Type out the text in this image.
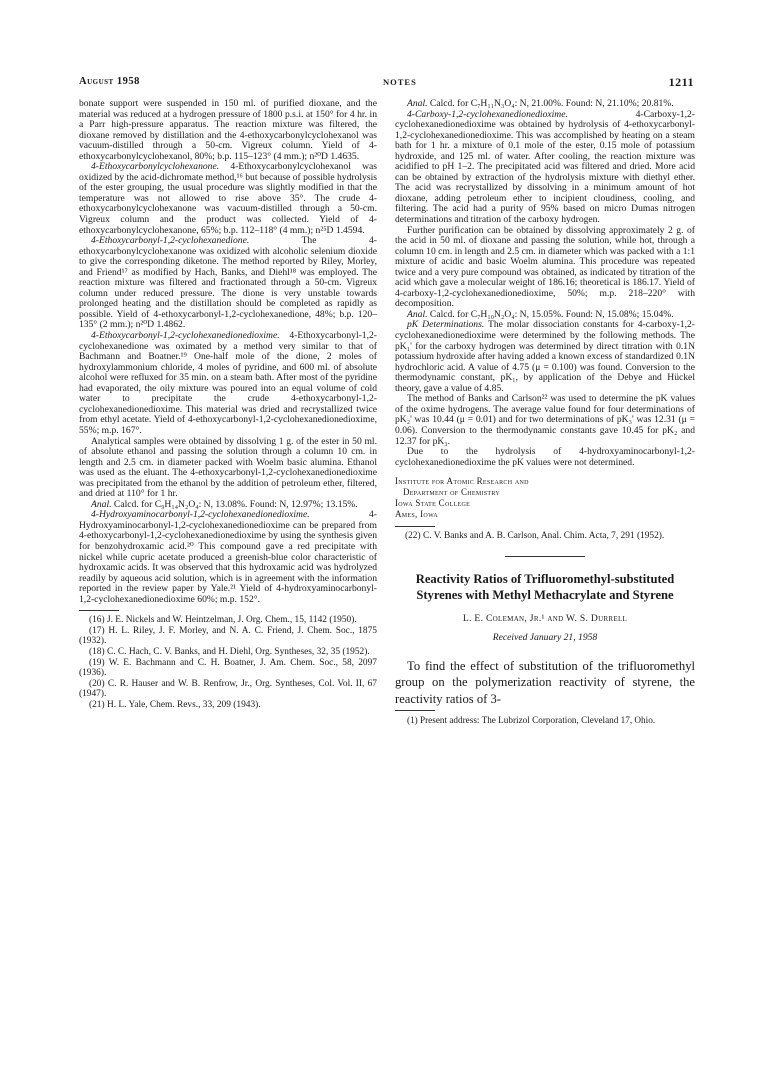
August 1958	NOTES	1211

bonate support were suspended in 150 ml. of purified dioxane, and the material was reduced at a hydrogen pressure of 1800 p.s.i. at 150° for 4 hr. in a Parr high-pressure apparatus. The reaction mixture was filtered, the dioxane removed by distillation and the 4-ethoxycarbonylcyclohexanol was vacuum-distilled through a 50-cm. Vigreux column. Yield of 4-ethoxycarbonylcyclohexanol, 80%; b.p. 115–123° (4 mm.); n²⁰D 1.4635.

4-Ethoxycarbonylcyclohexanone. 4-Ethoxycarbonylcyclohexanol was oxidized by the acid-dichromate method,¹⁶ but because of possible hydrolysis of the ester grouping, the usual procedure was slightly modified in that the temperature was not allowed to rise above 35°. The crude 4-ethoxycarbonylcyclohexanone was vacuum-distilled through a 50-cm. Vigreux column and the product was collected. Yield of 4-ethoxycarbonylcyclohexanone, 65%; b.p. 112–118° (4 mm.); n²⁵D 1.4594.

4-Ethoxycarbonyl-1,2-cyclohexanedione. The 4-ethoxycarbonylcyclohexanone was oxidized with alcoholic selenium dioxide to give the corresponding diketone. The method reported by Riley, Morley, and Friend¹⁷ as modified by Hach, Banks, and Diehl¹⁸ was employed. The reaction mixture was filtered and fractionated through a 50-cm. Vigreux column under reduced pressure. The dione is very unstable towards prolonged heating and the distillation should be completed as rapidly as possible. Yield of 4-ethoxycarbonyl-1,2-cyclohexanedione, 48%; b.p. 120–135° (2 mm.); n²⁰D 1.4862.

4-Ethoxycarbonyl-1,2-cyclohexanedionedioxime. 4-Ethoxycarbonyl-1,2-cyclohexanedione was oximated by a method very similar to that of Bachmann and Boatner.¹⁹ One-half mole of the dione, 2 moles of hydroxylammonium chloride, 4 moles of pyridine, and 600 ml. of absolute alcohol were refluxed for 35 min. on a steam bath. After most of the pyridine had evaporated, the oily mixture was poured into an equal volume of cold water to precipitate the crude 4-ethoxycarbonyl-1,2-cyclohexanedionedioxime. This material was dried and recrystallized twice from ethyl acetate. Yield of 4-ethoxycarbonyl-1,2-cyclohexanedionedioxime, 55%; m.p. 167°.

Analytical samples were obtained by dissolving 1 g. of the ester in 50 ml. of absolute ethanol and passing the solution through a column 10 cm. in length and 2.5 cm. in diameter packed with Woelm basic alumina. Ethanol was used as the eluant. The 4-ethoxycarbonyl-1,2-cyclohexanedionedioxime was precipitated from the ethanol by the addition of petroleum ether, filtered, and dried at 110° for 1 hr.

Anal. Calcd. for C₉H₁₄N₂O₄: N, 13.08%. Found: N, 12.97%; 13.15%.

4-Hydroxyaminocarbonyl-1,2-cyclohexanedionedioxime. 4-Hydroxyaminocarbonyl-1,2-cyclohexanedionedioxime can be prepared from 4-ethoxycarbonyl-1,2-cyclohexanedionedioxime by using the synthesis given for benzohydroxamic acid.²⁰ This compound gave a red precipitate with nickel while cupric acetate produced a greenish-blue color characteristic of hydroxamic acids. It was observed that this hydroxamic acid was hydrolyzed readily by aqueous acid solution, which is in agreement with the information reported in the review paper by Yale.²¹ Yield of 4-hydroxyaminocarbonyl-1,2-cyclohexanedionedioxime 60%; m.p. 152°.

(16) J. E. Nickels and W. Heintzelman, J. Org. Chem., 15, 1142 (1950).

(17) H. L. Riley, J. F. Morley, and N. A. C. Friend, J. Chem. Soc., 1875 (1932).

(18) C. C. Hach, C. V. Banks, and H. Diehl, Org. Syntheses, 32, 35 (1952).

(19) W. E. Bachmann and C. H. Boatner, J. Am. Chem. Soc., 58, 2097 (1936).

(20) C. R. Hauser and W. B. Renfrow, Jr., Org. Syntheses, Col. Vol. II, 67 (1947).

(21) H. L. Yale, Chem. Revs., 33, 209 (1943).

Anal. Calcd. for C₇H₁₁N₃O₄: N, 21.00%. Found: N, 21.10%; 20.81%.

4-Carboxy-1,2-cyclohexanedionedioxime. 4-Carboxy-1,2-cyclohexanedionedioxime was obtained by hydrolysis of 4-ethoxycarbonyl-1,2-cyclohexanedionedioxime. This was accomplished by heating on a steam bath for 1 hr. a mixture of 0.1 mole of the ester, 0.15 mole of potassium hydroxide, and 125 ml. of water. After cooling, the reaction mixture was acidified to pH 1–2. The precipitated acid was filtered and dried. More acid can be obtained by extraction of the hydrolysis mixture with diethyl ether. The acid was recrystallized by dissolving in a minimum amount of hot dioxane, adding petroleum ether to incipient cloudiness, cooling, and filtering. The acid had a purity of 95% based on micro Dumas nitrogen determinations and titration of the carboxy hydrogen.

Further purification can be obtained by dissolving approximately 2 g. of the acid in 50 ml. of dioxane and passing the solution, while hot, through a column 10 cm. in length and 2.5 cm. in diameter which was packed with a 1:1 mixture of acidic and basic Woelm alumina. This procedure was repeated twice and a very pure compound was obtained, as indicated by titration of the acid which gave a molecular weight of 186.16; theoretical is 186.17. Yield of 4-carboxy-1,2-cyclohexanedionedioxime, 50%; m.p. 218–220° with decomposition.

Anal. Calcd. for C₇H₁₀N₂O₄: N, 15.05%. Found: N, 15.08%; 15.04%.

pK Determinations. The molar dissociation constants for 4-carboxy-1,2-cyclohexanedionedioxime were determined by the following methods. The pK₁' for the carboxy hydrogen was determined by direct titration with 0.1N potassium hydroxide after having added a known excess of standardized 0.1N hydrochloric acid. A value of 4.75 (μ = 0.100) was found. Conversion to the thermodynamic constant, pK₁, by application of the Debye and Hückel theory, gave a value of 4.85.

The method of Banks and Carlson²² was used to determine the pK values of the oxime hydrogens. The average value found for four determinations of pK₂' was 10.44 (μ = 0.01) and for two determinations of pK₃' was 12.31 (μ = 0.06). Conversion to the thermodynamic constants gave 10.45 for pK₂ and 12.37 for pK₃.

Due to the hydrolysis of 4-hydroxyaminocarbonyl-1,2-cyclohexanedionedioxime the pK values were not determined.

Institute for Atomic Research and
Department of Chemistry
Iowa State College
Ames, Iowa

(22) C. V. Banks and A. B. Carlson, Anal. Chim. Acta, 7, 291 (1952).

Reactivity Ratios of Trifluoromethyl-substituted Styrenes with Methyl Methacrylate and Styrene
L. E. Coleman, Jr.¹ and W. S. Durrell
Received January 21, 1958

To find the effect of substitution of the trifluoromethyl group on the polymerization reactivity of styrene, the reactivity ratios of 3-

(1) Present address: The Lubrizol Corporation, Cleveland 17, Ohio.
